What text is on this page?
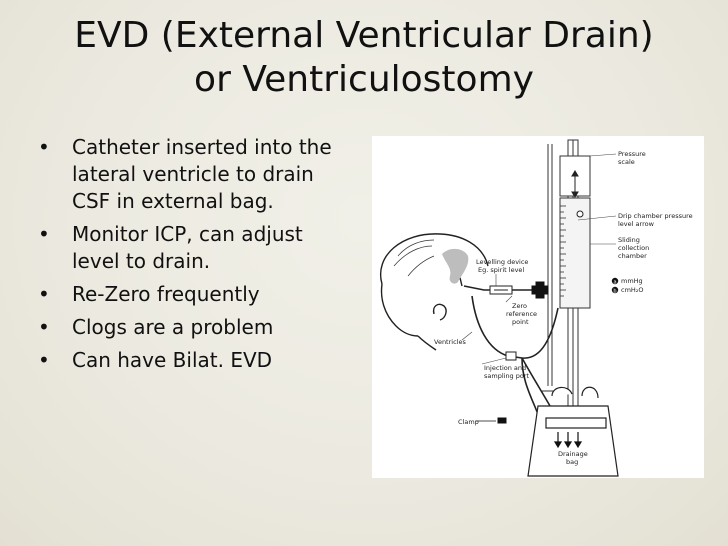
EVD (External Ventricular Drain)
or Ventriculostomy
• Catheter inserted into the lateral ventricle to drain CSF in external bag.
• Monitor ICP, can adjust level to drain.
• Re-Zero frequently
• Clogs are a problem
• Can have Bilat. EVD
a
b
Pressure
scale
Drip chamber pressure
level arrow
Sliding
collection
chamber
mmHg
cmH₂O
Levelling device
Eg. spirit level
Zero
reference
point
Ventricles
Injection and
sampling port
Clamp
Drainage
bag
